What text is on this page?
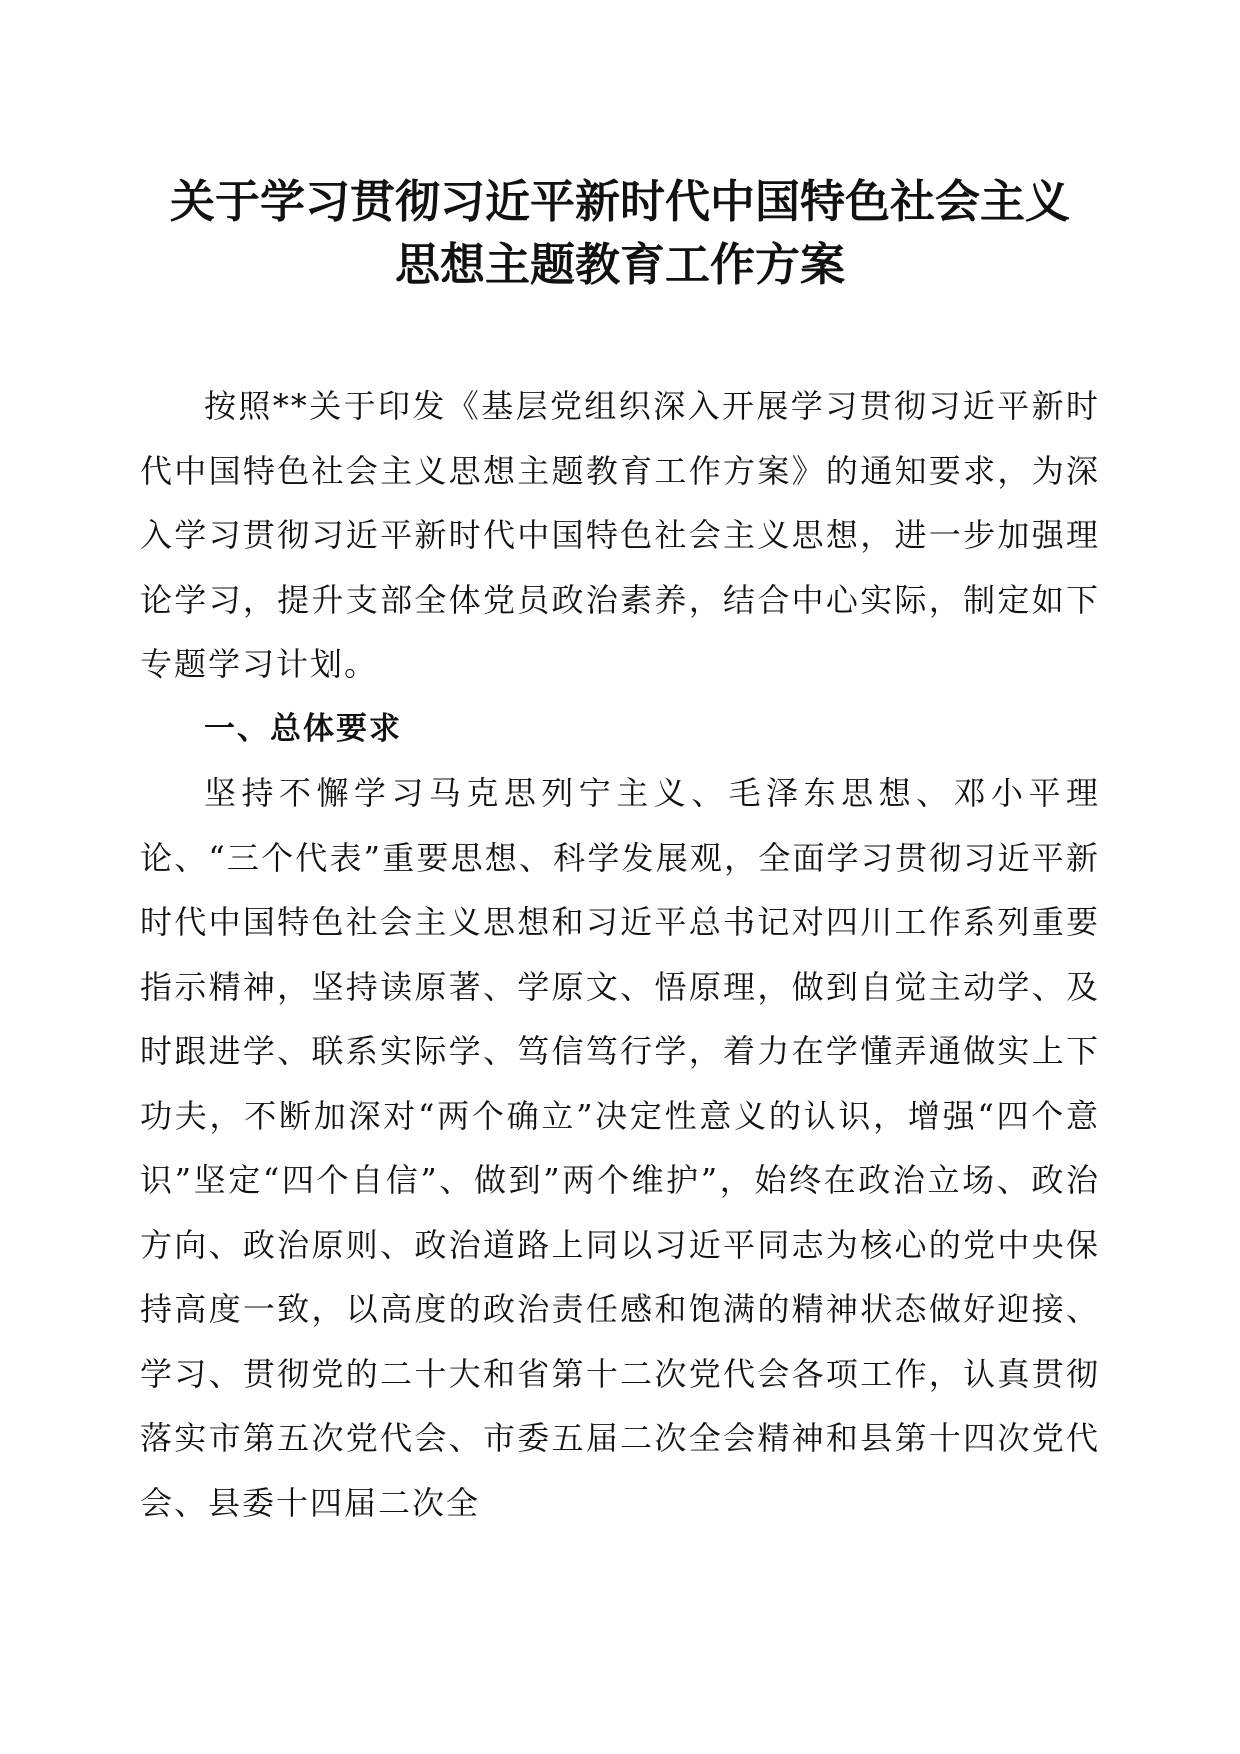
关于学习贯彻习近平新时代中国特色社会主义
思想主题教育工作方案

按照**关于印发《基层党组织深入开展学习贯彻习近平新时代中国特色社会主义思想主题教育工作方案》的通知要求，为深入学习贯彻习近平新时代中国特色社会主义思想，进一步加强理论学习，提升支部全体党员政治素养，结合中心实际，制定如下专题学习计划。

一、总体要求

坚持不懈学习马克思列宁主义、毛泽东思想、邓小平理论、“三个代表”重要思想、科学发展观，全面学习贯彻习近平新时代中国特色社会主义思想和习近平总书记对四川工作系列重要指示精神，坚持读原著、学原文、悟原理，做到自觉主动学、及时跟进学、联系实际学、笃信笃行学，着力在学懂弄通做实上下功夫，不断加深对“两个确立”决定性意义的认识，增强“四个意识”坚定“四个自信”、做到”两个维护”，始终在政治立场、政治方向、政治原则、政治道路上同以习近平同志为核心的党中央保持高度一致，以高度的政治责任感和饱满的精神状态做好迎接、学习、贯彻党的二十大和省第十二次党代会各项工作，认真贯彻落实市第五次党代会、市委五届二次全会精神和县第十四次党代会、县委十四届二次全
